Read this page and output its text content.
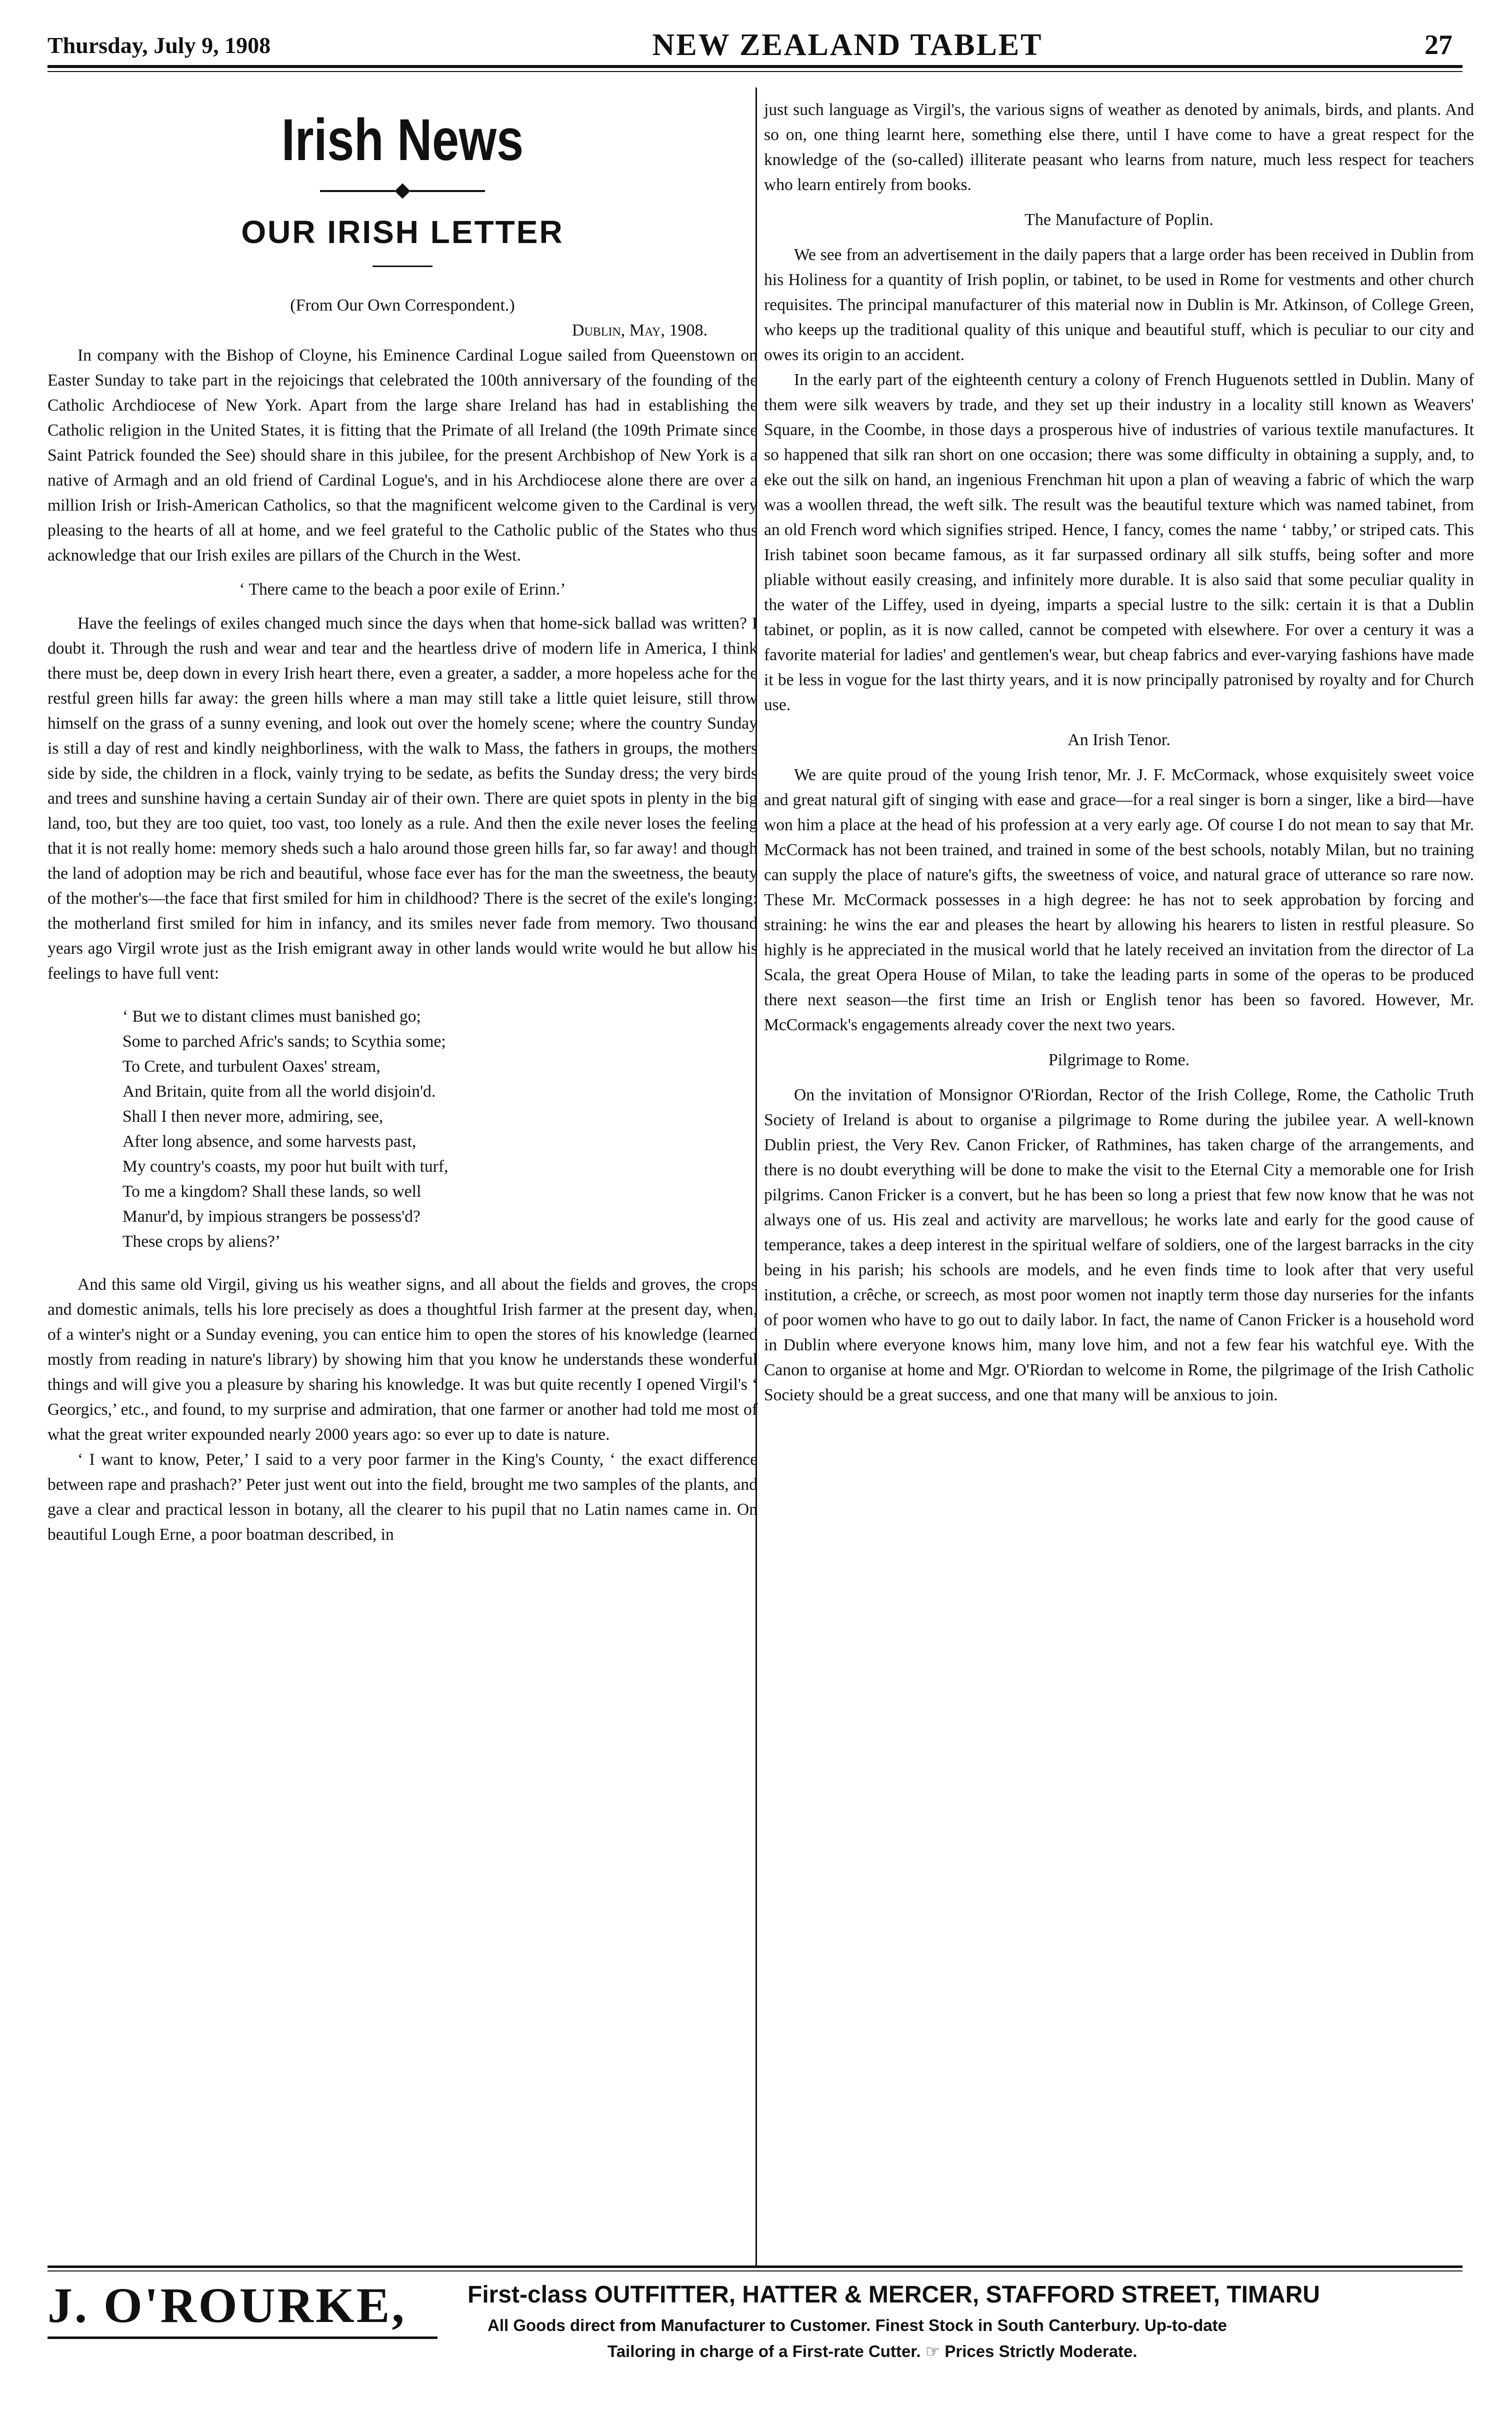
Thursday, July 9, 1908	NEW ZEALAND TABLET	27
Irish News
OUR IRISH LETTER
(From Our Own Correspondent.)
Dublin, May, 1908.

In company with the Bishop of Cloyne, his Eminence Cardinal Logue sailed from Queenstown on Easter Sunday to take part in the rejoicings that celebrated the 100th anniversary of the founding of the Catholic Archdiocese of New York. Apart from the large share Ireland has had in establishing the Catholic religion in the United States, it is fitting that the Primate of all Ireland (the 109th Primate since Saint Patrick founded the See) should share in this jubilee, for the present Archbishop of New York is a native of Armagh and an old friend of Cardinal Logue's, and in his Archdiocese alone there are over a million Irish or Irish-American Catholics, so that the magnificent welcome given to the Cardinal is very pleasing to the hearts of all at home, and we feel grateful to the Catholic public of the States who thus acknowledge that our Irish exiles are pillars of the Church in the West.

‘ There came to the beach a poor exile of Erinn.’

Have the feelings of exiles changed much since the days when that home-sick ballad was written? I doubt it. Through the rush and wear and tear and the heartless drive of modern life in America, I think there must be, deep down in every Irish heart there, even a greater, a sadder, a more hopeless ache for the restful green hills far away: the green hills where a man may still take a little quiet leisure, still throw himself on the grass of a sunny evening, and look out over the homely scene; where the country Sunday is still a day of rest and kindly neighborliness, with the walk to Mass, the fathers in groups, the mothers side by side, the children in a flock, vainly trying to be sedate, as befits the Sunday dress; the very birds and trees and sunshine having a certain Sunday air of their own. There are quiet spots in plenty in the big land, too, but they are too quiet, too vast, too lonely as a rule. And then the exile never loses the feeling that it is not really home: memory sheds such a halo around those green hills far, so far away! and though the land of adoption may be rich and beautiful, whose face ever has for the man the sweetness, the beauty of the mother's—the face that first smiled for him in childhood? There is the secret of the exile's longing: the motherland first smiled for him in infancy, and its smiles never fade from memory. Two thousand years ago Virgil wrote just as the Irish emigrant away in other lands would write would he but allow his feelings to have full vent:

‘ But we to distant climes must banished go;
Some to parched Afric's sands; to Scythia some;
To Crete, and turbulent Oaxes' stream,
And Britain, quite from all the world disjoin'd.
Shall I then never more, admiring, see,
After long absence, and some harvests past,
My country's coasts, my poor hut built with turf,
To me a kingdom? Shall these lands, so well
Manur'd, by impious strangers be possess'd?
These crops by aliens?’

And this same old Virgil, giving us his weather signs, and all about the fields and groves, the crops and domestic animals, tells his lore precisely as does a thoughtful Irish farmer at the present day, when, of a winter's night or a Sunday evening, you can entice him to open the stores of his knowledge (learned mostly from reading in nature's library) by showing him that you know he understands these wonderful things and will give you a pleasure by sharing his knowledge. It was but quite recently I opened Virgil's ‘ Georgics,’ etc., and found, to my surprise and admiration, that one farmer or another had told me most of what the great writer expounded nearly 2000 years ago: so ever up to date is nature.

‘ I want to know, Peter,’ I said to a very poor farmer in the King's County, ‘ the exact difference between rape and prashach?’ Peter just went out into the field, brought me two samples of the plants, and gave a clear and practical lesson in botany, all the clearer to his pupil that no Latin names came in. On beautiful Lough Erne, a poor boatman described, in

just such language as Virgil's, the various signs of weather as denoted by animals, birds, and plants. And so on, one thing learnt here, something else there, until I have come to have a great respect for the knowledge of the (so-called) illiterate peasant who learns from nature, much less respect for teachers who learn entirely from books.

The Manufacture of Poplin.

We see from an advertisement in the daily papers that a large order has been received in Dublin from his Holiness for a quantity of Irish poplin, or tabinet, to be used in Rome for vestments and other church requisites. The principal manufacturer of this material now in Dublin is Mr. Atkinson, of College Green, who keeps up the traditional quality of this unique and beautiful stuff, which is peculiar to our city and owes its origin to an accident.

In the early part of the eighteenth century a colony of French Huguenots settled in Dublin. Many of them were silk weavers by trade, and they set up their industry in a locality still known as Weavers' Square, in the Coombe, in those days a prosperous hive of industries of various textile manufactures. It so happened that silk ran short on one occasion; there was some difficulty in obtaining a supply, and, to eke out the silk on hand, an ingenious Frenchman hit upon a plan of weaving a fabric of which the warp was a woollen thread, the weft silk. The result was the beautiful texture which was named tabinet, from an old French word which signifies striped. Hence, I fancy, comes the name ‘ tabby,’ or striped cats. This Irish tabinet soon became famous, as it far surpassed ordinary all silk stuffs, being softer and more pliable without easily creasing, and infinitely more durable. It is also said that some peculiar quality in the water of the Liffey, used in dyeing, imparts a special lustre to the silk: certain it is that a Dublin tabinet, or poplin, as it is now called, cannot be competed with elsewhere. For over a century it was a favorite material for ladies' and gentlemen's wear, but cheap fabrics and ever-varying fashions have made it be less in vogue for the last thirty years, and it is now principally patronised by royalty and for Church use.

An Irish Tenor.

We are quite proud of the young Irish tenor, Mr. J. F. McCormack, whose exquisitely sweet voice and great natural gift of singing with ease and grace—for a real singer is born a singer, like a bird—have won him a place at the head of his profession at a very early age. Of course I do not mean to say that Mr. McCormack has not been trained, and trained in some of the best schools, notably Milan, but no training can supply the place of nature's gifts, the sweetness of voice, and natural grace of utterance so rare now. These Mr. McCormack possesses in a high degree: he has not to seek approbation by forcing and straining: he wins the ear and pleases the heart by allowing his hearers to listen in restful pleasure. So highly is he appreciated in the musical world that he lately received an invitation from the director of La Scala, the great Opera House of Milan, to take the leading parts in some of the operas to be produced there next season—the first time an Irish or English tenor has been so favored. However, Mr. McCormack's engagements already cover the next two years.

Pilgrimage to Rome.

On the invitation of Monsignor O'Riordan, Rector of the Irish College, Rome, the Catholic Truth Society of Ireland is about to organise a pilgrimage to Rome during the jubilee year. A well-known Dublin priest, the Very Rev. Canon Fricker, of Rathmines, has taken charge of the arrangements, and there is no doubt everything will be done to make the visit to the Eternal City a memorable one for Irish pilgrims. Canon Fricker is a convert, but he has been so long a priest that few now know that he was not always one of us. His zeal and activity are marvellous; he works late and early for the good cause of temperance, takes a deep interest in the spiritual welfare of soldiers, one of the largest barracks in the city being in his parish; his schools are models, and he even finds time to look after that very useful institution, a crêche, or screech, as most poor women not inaptly term those day nurseries for the infants of poor women who have to go out to daily labor. In fact, the name of Canon Fricker is a household word in Dublin where everyone knows him, many love him, and not a few fear his watchful eye. With the Canon to organise at home and Mgr. O'Riordan to welcome in Rome, the pilgrimage of the Irish Catholic Society should be a great success, and one that many will be anxious to join.

J. O'ROURKE,	First-class OUTFITTER, HATTER & MERCER, STAFFORD STREET, TIMARU
All Goods direct from Manufacturer to Customer. Finest Stock in South Canterbury. Up-to-date
Tailoring in charge of a First-rate Cutter. ☞ Prices Strictly Moderate.
